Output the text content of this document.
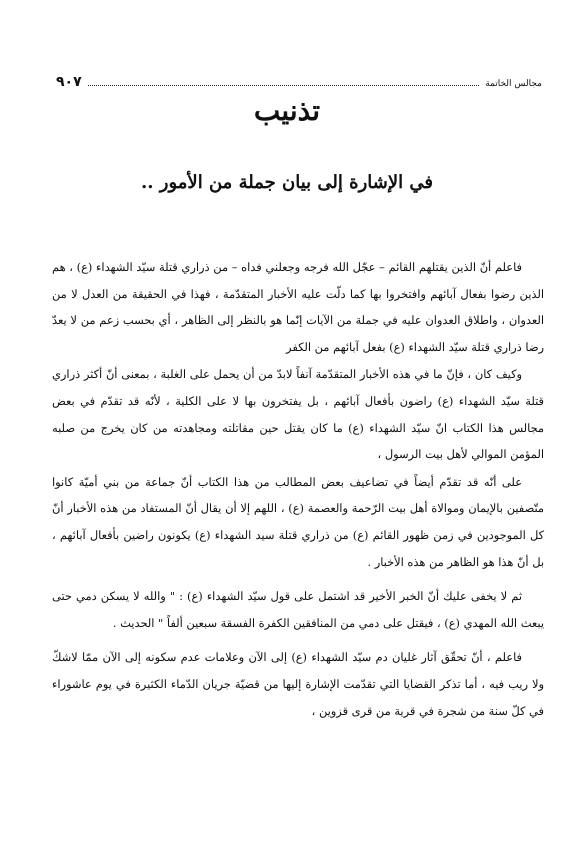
مجالس الخاتمة
٩٠٧
تذنيب
في الإشارة إلى بيان جملة من الأمور ..

فاعلم أنّ الذين يقتلهم القائم – عجّل الله فرجه وجعلني فداه – من ذراري قتلة سيّد الشهداء (ع) ، هم الذين رضوا بفعال آبائهم وافتخروا بها كما دلّت عليه الأخبار المتقدّمة ، فهذا في الحقيقة من العدل لا من العدوان ، واطلاق العدوان عليه في جملة من الآيات إنّما هو بالنظر إلى الظاهر ، أي بحسب زعم من لا يعدّ رضا ذراري قتلة سيّد الشهداء (ع) بفعل آبائهم من الكفر

وكيف كان ، فإنّ ما في هذه الأخبار المتقدّمة آنفاً لابدّ من أن يحمل على الغلبة ، بمعنى أنّ أكثر ذراري قتلة سيّد الشهداء (ع) راضون بأفعال آبائهم ، بل يفتخرون بها لا على الكلية ، لأنّه قد تقدّم في بعض مجالس هذا الكتاب انّ سيّد الشهداء (ع) ما كان يقتل حين مقاتلته ومجاهدته من كان يخرج من صلبه المؤمن الموالي لأهل بيت الرسول ،

على أنّه قد تقدّم أيضاً في تضاعيف بعض المطالب من هذا الكتاب أنّ جماعة من بني أميّة كانوا متّصفين بالإيمان وموالاة أهل بيت الرّحمة والعصمة (ع) ، اللهم إلا أن يقال أنّ المستفاد من هذه الأخبار أنّ كل الموجودين في زمن ظهور القائم (ع) من ذراري قتلة سيد الشهداء (ع) يكونون راضين بأفعال آبائهم ، بل أنّ هذا هو الظاهر من هذه الأخبار .

ثم لا يخفى عليك أنّ الخبر الأخير قد اشتمل على قول سيّد الشهداء (ع) : " والله لا يسكن دمي حتى يبعث الله المهدي (ع) ، فيقتل على دمي من المنافقين الكفرة الفسقة سبعين ألفاً " الحديث .

فاعلم ، أنّ تحقّق آثار غليان دم سيّد الشهداء (ع) إلى الآن وعلامات عدم سكونه إلى الآن ممّا لاشكّ ولا ريب فيه ، أما تذكر القضايا التي تقدّمت الإشارة إليها من قضيّة جريان الدّماء الكثيرة في يوم عاشوراء في كلّ سنة من شجرة في قرية من قرى قزوين ،
